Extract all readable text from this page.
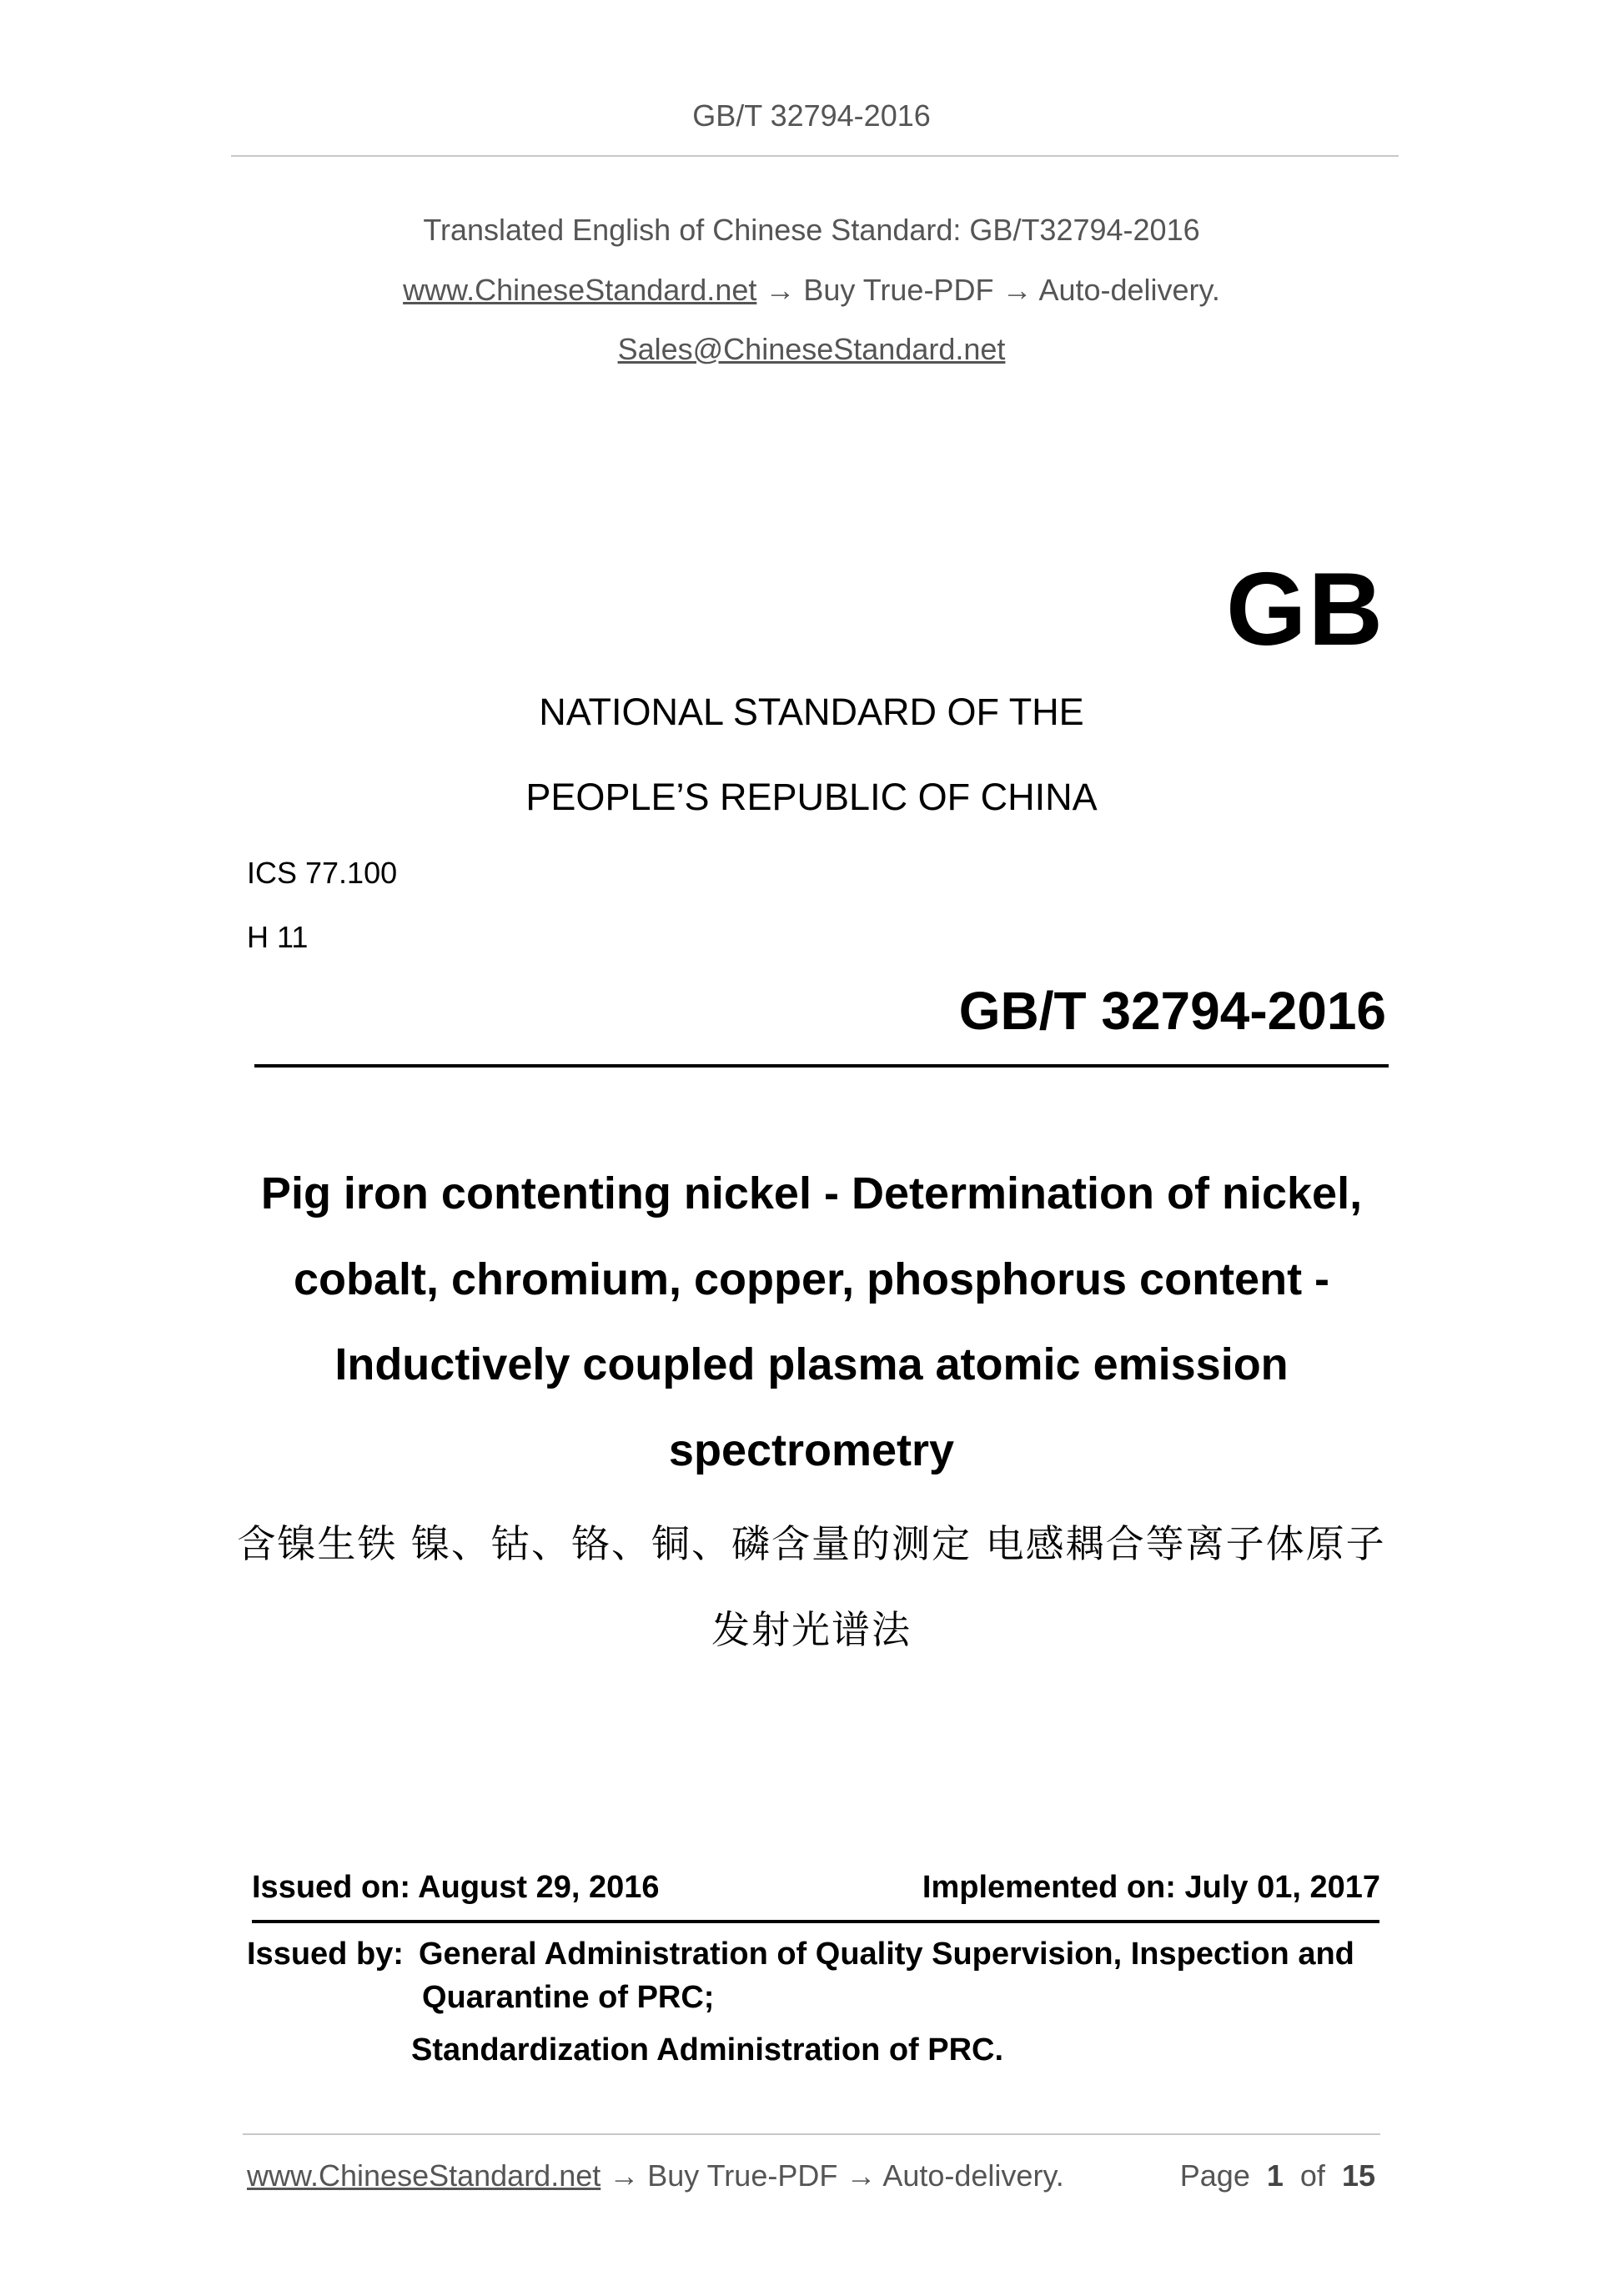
GB/T 32794-2016
Translated English of Chinese Standard: GB/T32794-2016
www.ChineseStandard.net → Buy True-PDF → Auto-delivery.
Sales@ChineseStandard.net
GB
NATIONAL STANDARD OF THE
PEOPLE’S REPUBLIC OF CHINA
ICS 77.100
H 11
GB/T 32794-2016
Pig iron contenting nickel - Determination of nickel,
cobalt, chromium, copper, phosphorus content -
Inductively coupled plasma atomic emission
spectrometry
含镍生铁 镍、钴、铬、铜、磷含量的测定 电感耦合等离子体原子
发射光谱法
Issued on: August 29, 2016	Implemented on: July 01, 2017
Issued by: General Administration of Quality Supervision, Inspection and
Quarantine of PRC;
Standardization Administration of PRC.
www.ChineseStandard.net → Buy True-PDF → Auto-delivery.	Page 1 of 15
